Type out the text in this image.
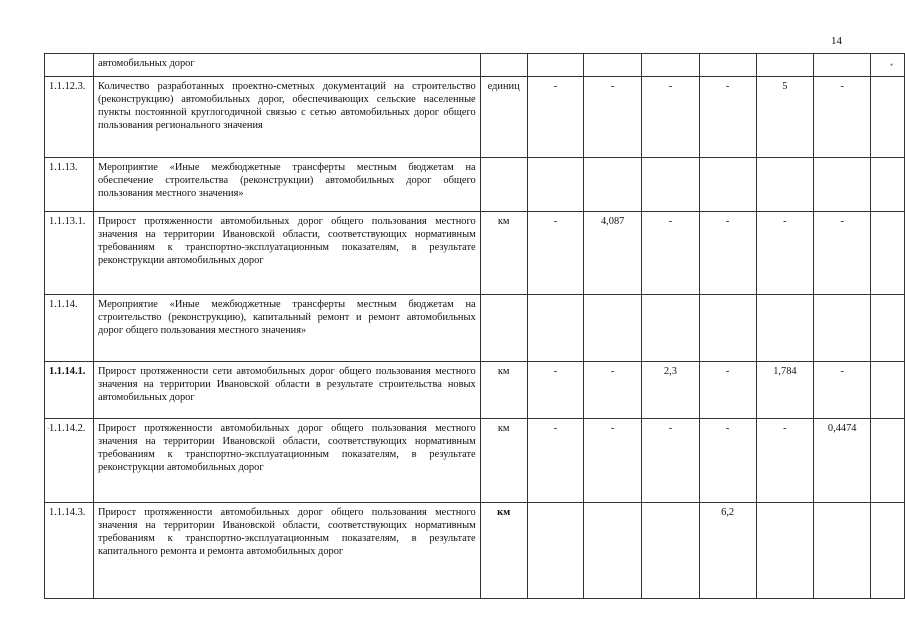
14
	автомобильных дорог								
1.1.12.3.	Количество разработанных проектно-сметных документаций на строительство (реконструкцию) автомобильных дорог, обеспечивающих сельские населенные пункты постоянной круглогодичной связью с сетью автомобильных дорог общего пользования регионального значения	единиц	-	-	-	-	5	-	
1.1.13.	Мероприятие «Иные межбюджетные трансферты местным бюджетам на обеспечение строительства (реконструкции) автомобильных дорог общего пользования местного значения»								
1.1.13.1.	Прирост протяженности автомобильных дорог общего пользования местного значения на территории Ивановской области, соответствующих нормативным требованиям к транспортно-эксплуатационным показателям, в результате реконструкции автомобильных дорог	км	-	4,087	-	-	-	-	
1.1.14.	Мероприятие «Иные межбюджетные трансферты местным бюджетам на строительство (реконструкцию), капитальный ремонт и ремонт автомобильных дорог общего пользования местного значения»								
1.1.14.1.	Прирост протяженности сети автомобильных дорог общего пользования местного значения на территории Ивановской области в результате строительства новых автомобильных дорог	км	-	-	2,3	-	1,784	-	
1.1.14.2.	Прирост протяженности автомобильных дорог общего пользования местного значения на территории Ивановской области, соответствующих нормативным требованиям к транспортно-эксплуатационным показателям, в результате реконструкции автомобильных дорог	км	-	-	-	-	-	0,4474	
1.1.14.3.	Прирост протяженности автомобильных дорог общего пользования местного значения на территории Ивановской области, соответствующих нормативным требованиям к транспортно-эксплуатационным показателям, в результате капитального ремонта и ремонта автомобильных дорог	км				6,2			
•
.
